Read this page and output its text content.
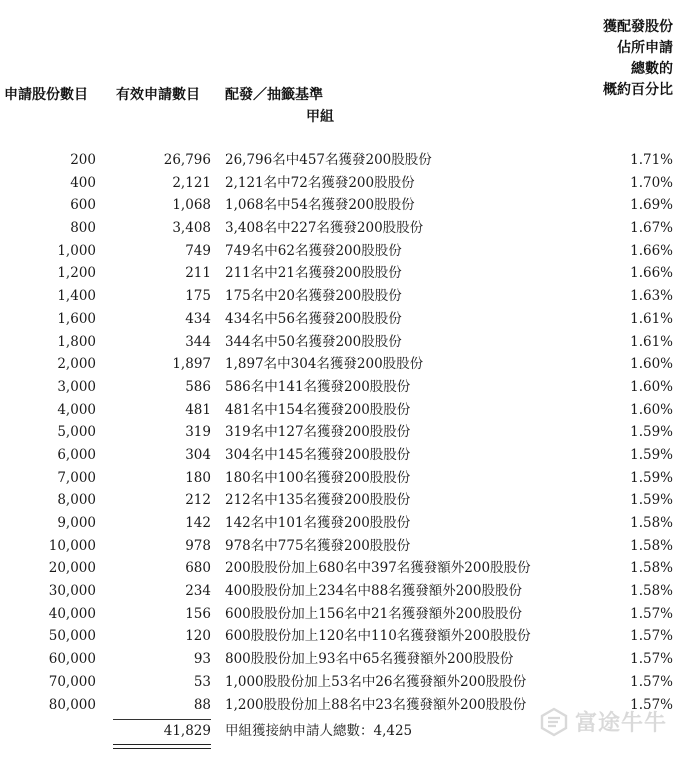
申請股份數目 有效申請數目 配發／抽籤基準
獲配發股份
佔所申請
總數的
概約百分比
甲組
200	26,796 26,796名中457名獲發200股股份	1.71%
400	2,121 2,121名中72名獲發200股股份	1.70%
600	1,068 1,068名中54名獲發200股股份	1.69%
800	3,408 3,408名中227名獲發200股股份	1.67%
1,000	749 749名中62名獲發200股股份	1.66%
1,200	211 211名中21名獲發200股股份	1.66%
1,400	175 175名中20名獲發200股股份	1.63%
1,600	434 434名中56名獲發200股股份	1.61%
1,800	344 344名中50名獲發200股股份	1.61%
2,000	1,897 1,897名中304名獲發200股股份	1.60%
3,000	586 586名中141名獲發200股股份	1.60%
4,000	481 481名中154名獲發200股股份	1.60%
5,000	319 319名中127名獲發200股股份	1.59%
6,000	304 304名中145名獲發200股股份	1.59%
7,000	180 180名中100名獲發200股股份	1.59%
8,000	212 212名中135名獲發200股股份	1.59%
9,000	142 142名中101名獲發200股股份	1.58%
10,000	978 978名中775名獲發200股股份	1.58%
20,000	680 200股股份加上680名中397名獲發額外200股股份	1.58%
30,000	234 400股股份加上234名中88名獲發額外200股股份	1.58%
40,000	156 600股股份加上156名中21名獲發額外200股股份	1.57%
50,000	120 600股股份加上120名中110名獲發額外200股股份	1.57%
60,000	93 800股股份加上93名中65名獲發額外200股股份	1.57%
70,000	53 1,000股股份加上53名中26名獲發額外200股股份	1.57%
80,000	88 1,200股股份加上88名中23名獲發額外200股股份	1.57%
41,829 甲組獲接納申請人總數：4,425	富途牛牛
